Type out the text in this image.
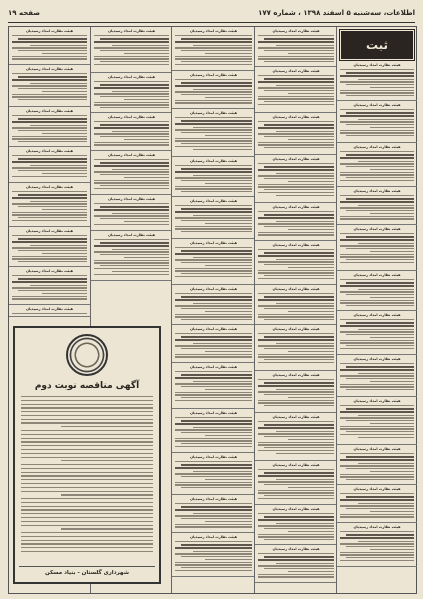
اطلاعات، سه‌شنبه ۵ اسفند ۱۳۹۸ ، شماره ۱۷۷
صفحه ۱۹
هیئت نظارت امداد رسیدیان
هیئت نظارت امداد رسیدیان
هیئت نظارت امداد رسیدیان
هیئت نظارت امداد رسیدیان
هیئت نظارت امداد رسیدیان
هیئت نظارت امداد رسیدیان
هیئت نظارت امداد رسیدیان
هیئت نظارت امداد رسیدیان
هیئت نظارت امداد رسیدیان
هیئت نظارت امداد رسیدیان
هیئت نظارت امداد رسیدیان
هیئت نظارت امداد رسیدیان
هیئت نظارت امداد رسیدیان
هیئت نظارت امداد رسیدیان
هیئت نظارت امداد رسیدیان
هیئت نظارت امداد رسیدیان
هیئت نظارت امداد رسیدیان
هیئت نظارت امداد رسیدیان
هیئت نظارت امداد رسیدیان
هیئت نظارت امداد رسیدیان
هیئت نظارت امداد رسیدیان
هیئت نظارت امداد رسیدیان
هیئت نظارت امداد رسیدیان
هیئت نظارت امداد رسیدیان
هیئت نظارت امداد رسیدیان
هیئت نظارت امداد رسیدیان
هیئت نظارت امداد رسیدیان
هیئت نظارت امداد رسیدیان
هیئت نظارت امداد رسیدیان
هیئت نظارت امداد رسیدیان
هیئت نظارت امداد رسیدیان
هیئت نظارت امداد رسیدیان
هیئت نظارت امداد رسیدیان
هیئت نظارت امداد رسیدیان
هیئت نظارت امداد رسیدیان
هیئت نظارت امداد رسیدیان
هیئت نظارت امداد رسیدیان
هیئت نظارت امداد رسیدیان
هیئت نظارت امداد رسیدیان
هیئت نظارت امداد رسیدیان
ثبت
هیئت نظارت امداد رسیدیان
هیئت نظارت امداد رسیدیان
هیئت نظارت امداد رسیدیان
هیئت نظارت امداد رسیدیان
هیئت نظارت امداد رسیدیان
هیئت نظارت امداد رسیدیان
هیئت نظارت امداد رسیدیان
هیئت نظارت امداد رسیدیان
هیئت نظارت امداد رسیدیان
هیئت نظارت امداد رسیدیان
هیئت نظارت امداد رسیدیان
هیئت نظارت امداد رسیدیان
آگهی مناقصه نوبت دوم
شهرداری گلستان - بنیاد مسکن
